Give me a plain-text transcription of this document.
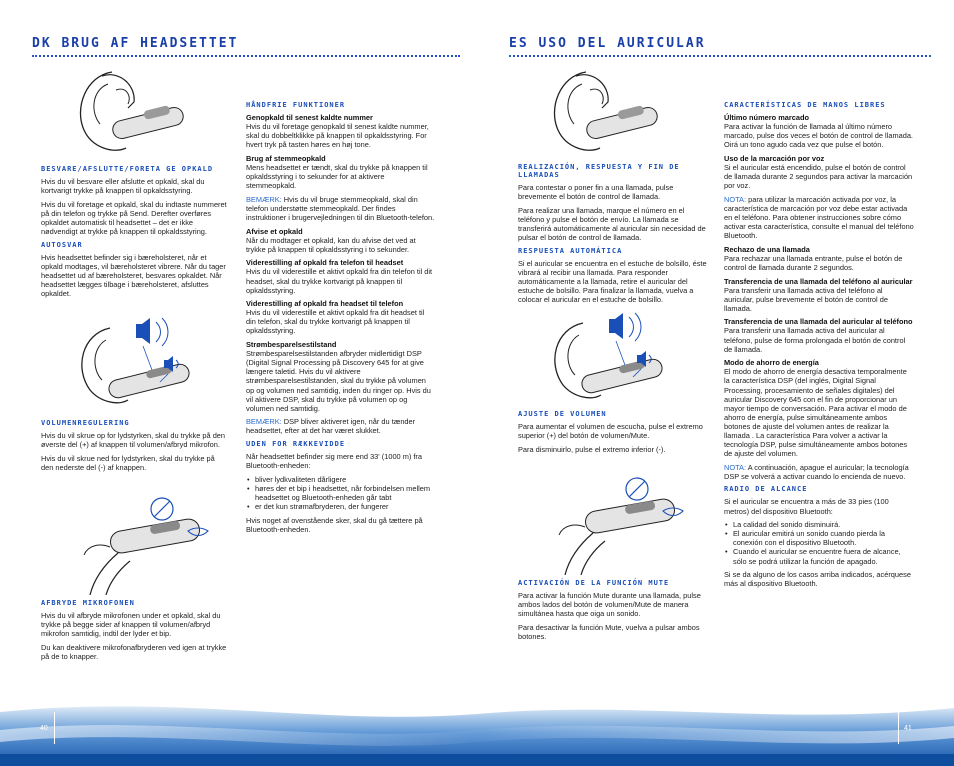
DK BRUG AF HEADSETTET
BESVARE/AFSLUTTE/FORETA GE OPKALD

Hvis du vil besvare eller afslutte et opkald, skal du kortvarigt trykke på knappen til opkaldsstyring.

Hvis du vil foretage et opkald, skal du indtaste nummeret på din telefon og trykke på Send. Derefter overføres opkaldet automatisk til headsettet – det er ikke nødvendigt at trykke på knappen til opkaldsstyring.

AUTOSVAR

Hvis headsettet befinder sig i bæreholsteret, når et opkald modtages, vil bæreholsteret vibrere. Når du tager headsettet ud af bæreholsteret, besvares opkaldet. Når headsettet lægges tilbage i bæreholsteret, afsluttes opkaldet.

VOLUMENREGULERING

Hvis du vil skrue op for lydstyrken, skal du trykke på den øverste del (+) af knappen til volumen/afbryd mikrofon.

Hvis du vil skrue ned for lydstyrken, skal du trykke på den nederste del (-) af knappen.

AFBRYDE MIKROFONEN

Hvis du vil afbryde mikrofonen under et opkald, skal du trykke på begge sider af knappen til volumen/afbryd mikrofon samtidig, indtil der lyder et bip.

Du kan deaktivere mikrofonafbryderen ved igen at trykke på de to knapper.

HÅNDFRIE FUNKTIONER
Genopkald til senest kaldte nummer

Hvis du vil foretage genopkald til senest kaldte nummer, skal du dobbeltklikke på knappen til opkaldsstyring. For hvert tryk på tasten høres en høj tone.

Brug af stemmeopkald

Mens headsettet er tændt, skal du trykke på knappen til opkaldsstyring i to sekunder for at aktivere stemmeopkald.

BEMÆRK: Hvis du vil bruge stemmeopkald, skal din telefon understøtte stemmeopkald. Der findes instruktioner i brugervejledningen til din Bluetooth-telefon.

Afvise et opkald

Når du modtager et opkald, kan du afvise det ved at trykke på knappen til opkaldsstyring i to sekunder.

Viderestilling af opkald fra telefon til headset

Hvis du vil viderestille et aktivt opkald fra din telefon til dit headset, skal du trykke kortvarigt på knappen til opkaldsstyring.

Viderestilling af opkald fra headset til telefon

Hvis du vil viderestille et aktivt opkald fra dit headset til din telefon, skal du trykke kortvarigt på knappen til opkaldsstyring.

Strømbesparelsestilstand

Strømbesparelsestilstanden afbryder midlertidigt DSP (Digital Signal Processing på Discovery 645 for at give længere taletid. Hvis du vil aktivere strømbesparelsestilstanden, skal du trykke på volumen op og volumen ned samtidig, inden du ringer op. Hvis du vil aktivere DSP, skal du trykke på volumen op og volumen ned samtidig.

BEMÆRK: DSP bliver aktiveret igen, når du tænder headsettet, efter at det har været slukket.

UDEN FOR RÆKKEVIDDE

Når headsettet befinder sig mere end 33' (1000 m) fra Bluetooth-enheden:

• bliver lydkvaliteten dårligere
• høres der et bip i headsettet, når forbindelsen mellem headsettet og Bluetooth-enheden går tabt
• er det kun strømafbryderen, der fungerer

Hvis noget af ovenstående sker, skal du gå tættere på Bluetooth-enheden.

ES USO DEL AURICULAR
REALIZACIÓN, RESPUESTA Y FIN DE LLAMADAS

Para contestar o poner fin a una llamada, pulse brevemente el botón de control de llamada.

Para realizar una llamada, marque el número en el teléfono y pulse el botón de envío. La llamada se transferirá automáticamente al auricular sin necesidad de pulsar el botón de control de llamada.

RESPUESTA AUTOMÁTICA

Si el auricular se encuentra en el estuche de bolsillo, éste vibrará al recibir una llamada. Para responder automáticamente a la llamada, retire el auricular del estuche de bolsillo. Para finalizar la llamada, vuelva a colocar el auricular en el estuche de bolsillo.

AJUSTE DE VOLUMEN

Para aumentar el volumen de escucha, pulse el extremo superior (+) del botón de volumen/Mute.

Para disminuirlo, pulse el extremo inferior (-).

ACTIVACIÓN DE LA FUNCIÓN MUTE

Para activar la función Mute durante una llamada, pulse ambos lados del botón de volumen/Mute de manera simultánea hasta que oiga un sonido.

Para desactivar la función Mute, vuelva a pulsar ambos botones.

CARACTERÍSTICAS DE MANOS LIBRES
Último número marcado

Para activar la función de llamada al último número marcado, pulse dos veces el botón de control de llamada. Oirá un tono agudo cada vez que pulse el botón.

Uso de la marcación por voz

Si el auricular está encendido, pulse el botón de control de llamada durante 2 segundos para activar la marcación por voz.

NOTA: para utilizar la marcación activada por voz, la característica de marcación por voz debe estar activada en el teléfono. Para obtener instrucciones sobre cómo activar esta característica, consulte el manual del teléfono Bluetooth.

Rechazo de una llamada

Para rechazar una llamada entrante, pulse el botón de control de llamada durante 2 segundos.

Transferencia de una llamada del teléfono al auricular

Para transferir una llamada activa del teléfono al auricular, pulse brevemente el botón de control de llamada.

Transferencia de una llamada del auricular al teléfono

Para transferir una llamada activa del auricular al teléfono, pulse de forma prolongada el botón de control de llamada.

Modo de ahorro de energía

El modo de ahorro de energía desactiva temporalmente la característica DSP (del inglés, Digital Signal Processing, procesamiento de señales digitales) del auricular Discovery 645 con el fin de proporcionar un mayor tiempo de conversación. Para activar el modo de ahorro de energía, pulse simultáneamente ambos botones de ajuste del volumen antes de realizar la llamada . La característica Para volver a activar la tecnología DSP, pulse simultáneamente ambos botones de ajuste del volumen.

NOTA: A continuación, apague el auricular; la tecnología DSP se volverá a activar cuando lo encienda de nuevo.

RADIO DE ALCANCE

Si el auricular se encuentra a más de 33 pies (100 metros) del dispositivo Bluetooth:

• La calidad del sonido disminuirá.
• El auricular emitirá un sonido cuando pierda la conexión con el dispositivo Bluetooth.
• Cuando el auricular se encuentre fuera de alcance, sólo se podrá utilizar la función de apagado.

Si se da alguno de los casos arriba indicados, acérquese más al dispositivo Bluetooth.

40	41
